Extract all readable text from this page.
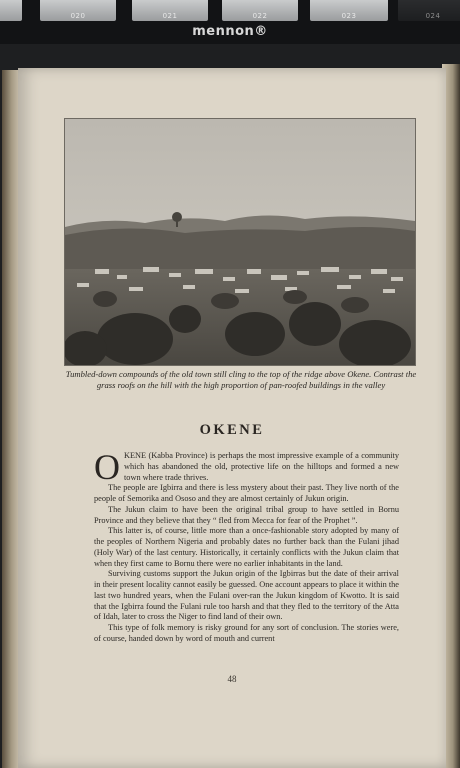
020	021	022	023	024
mennon®
Tumbled-down compounds of the old town still cling to the top of the ridge above Okene. Contrast the grass roofs on the hill with the high proportion of pan-roofed buildings in the valley
OKENE

OKENE (Kabba Province) is perhaps the most impressive example of a community which has abandoned the old, protective life on the hilltops and formed a new town where trade thrives.

The people are Igbirra and there is less mystery about their past. They live north of the people of Semorika and Ososo and they are almost certainly of Jukun origin.

The Jukun claim to have been the original tribal group to have settled in Bornu Province and they believe that they “ fled from Mecca for fear of the Prophet ”.

This latter is, of course, little more than a once-fashionable story adopted by many of the peoples of Northern Nigeria and probably dates no further back than the Fulani jihad (Holy War) of the last century. Historically, it certainly conflicts with the Jukun claim that when they first came to Bornu there were no earlier inhabitants in the land.

Surviving customs support the Jukun origin of the Igbirras but the date of their arrival in their present locality cannot easily be guessed. One account appears to place it within the last two hundred years, when the Fulani over-ran the Jukun kingdom of Kwotto. It is said that the Igbirra found the Fulani rule too harsh and that they fled to the territory of the Atta of Idah, later to cross the Niger to find land of their own.

This type of folk memory is risky ground for any sort of conclusion. The stories were, of course, handed down by word of mouth and current

48
